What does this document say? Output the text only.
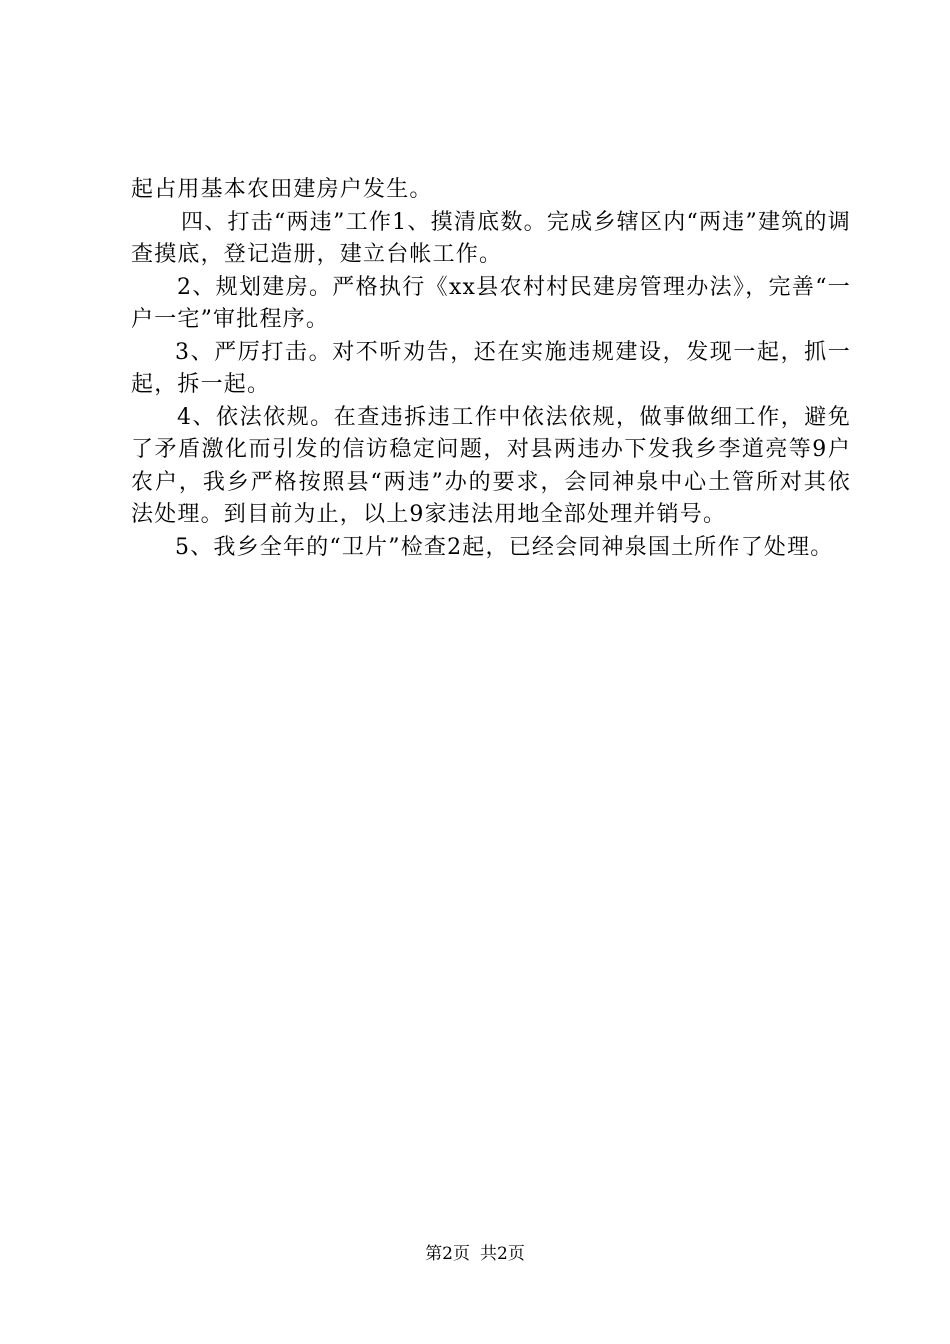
起占用基本农田建房户发生。

四、打击“两违”工作1、摸清底数。完成乡辖区内“两违”建筑的调查摸底，登记造册，建立台帐工作。

2、规划建房。严格执行《xx县农村村民建房管理办法》，完善“一户一宅”审批程序。

3、严厉打击。对不听劝告，还在实施违规建设，发现一起，抓一起，拆一起。

4、依法依规。在查违拆违工作中依法依规，做事做细工作，避免了矛盾激化而引发的信访稳定问题，对县两违办下发我乡李道亮等9户农户，我乡严格按照县“两违”办的要求，会同神泉中心土管所对其依法处理。到目前为止，以上9家违法用地全部处理并销号。

5、我乡全年的“卫片”检查2起，已经会同神泉国土所作了处理。

第2页 共2页
